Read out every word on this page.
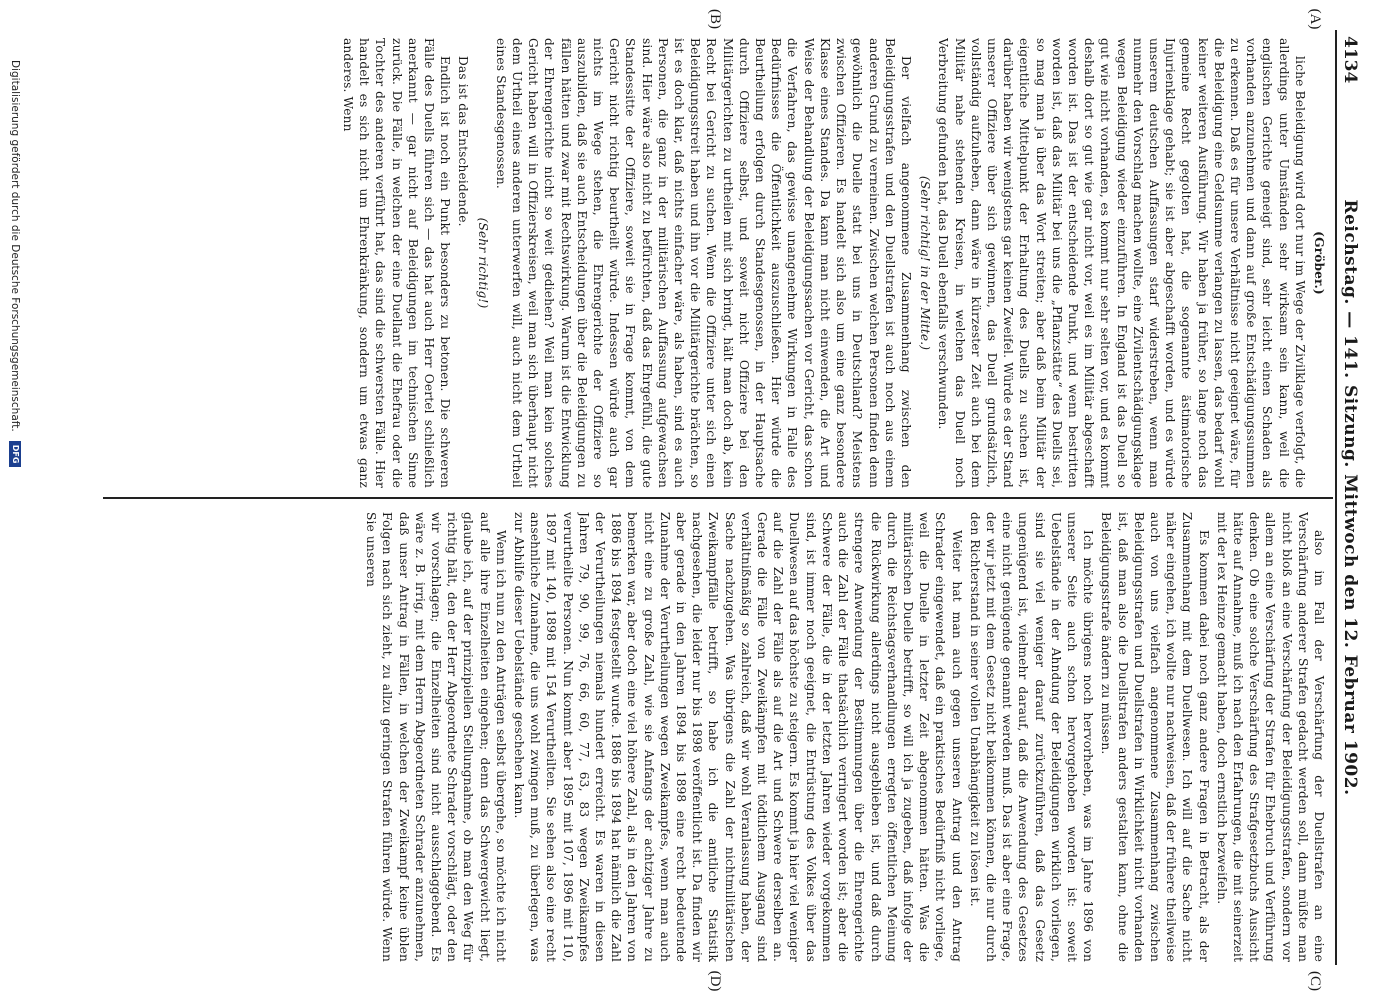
4134
Reichstag. — 141. Sitzung. Mittwoch den 12. Februar 1902.
(A)
(B)
(C)
(D)

(Gröber.)

liche Beleidigung wird dort nur im Wege der Zivilklage verfolgt, die allerdings unter Umständen sehr wirksam sein kann, weil die englischen Gerichte geneigt sind, sehr leicht einen Schaden als vorhanden anzunehmen und dann auf große Entschädigungssummen zu erkennen. Daß es für unsere Verhältnisse nicht geeignet wäre, für die Beleidigung eine Geldsumme verlangen zu lassen, das bedarf wohl keiner weiteren Ausführung. Wir haben ja früher, so lange noch das gemeine Recht gegolten hat, die sogenannte ästimatorische Injurienklage gehabt; sie ist aber abgeschafft worden, und es würde unserem deutschen Auffassungen starf widerstreben, wenn man nunmehr den Vorschlag machen wollte, eine Zivilentschädigungsklage wegen Beleidigung wieder einzuführen. In England ist das Duell so gut wie nicht vorhanden, es kommt nur sehr selten vor, und es kommt deshalb dort so gut wie gar nicht vor, weil es im Militär abgeschafft worden ist. Das ist der entscheidende Punkt, und wenn bestritten worden ist, daß das Militär bei uns die „Pflanzstätte“ des Duells sei, so mag man ja über das Wort streiten; aber daß beim Militär der eigentliche Mittelpunkt der Erhaltung des Duells zu suchen ist, darüber haben wir wenigstens gar keinen Zweifel. Würde es der Stand unserer Offiziere über sich gewinnen, das Duell grundsätzlich, vollständig aufzuheben, dann wäre in kürzester Zeit auch bei dem Militär nahe stehenden Kreisen, in welchen das Duell noch Verbreitung gefunden hat, das Duell ebenfalls verschwunden.

(Sehr richtig! in der Mitte.)

Der vielfach angenommene Zusammenhang zwischen den Beleidigungsstrafen und den Duellstrafen ist auch noch aus einem anderen Grund zu verneinen. Zwischen welchen Personen finden denn gewöhnlich die Duelle statt bei uns in Deutschland? Meistens zwischen Offizieren. Es handelt sich also um eine ganz besondere Klasse eines Standes. Da kann man nicht einwenden, die Art und Weise der Behandlung der Beleidigungssachen vor Gericht, das schon die Verfahren, das gewisse unangenehme Wirkungen in Falle des Bedürfnisses die Öffentlichkeit auszuschließen. Hier würde die Beurtheilung erfolgen durch Standesgenossen, in der Hauptsache durch Offiziere selbst, und soweit nicht Offiziere bei den Militärgerichten zu urtheilen mit sich bringt, hält man doch ab, kein Recht bei Gericht zu suchen. Wenn die Offiziere unter sich einen Beleidigungsstreit haben und ihn vor die Militärgerichte brächten, so ist es doch klar, daß nichts einfacher wäre, als haben, sind es auch Personen, die ganz in der militärischen Auffassung aufgewachsen sind. Hier wäre also nicht zu befürchten, daß das Ehrgefühl, die gute Standessitte der Offiziere, soweit sie in Frage kommt, von dem Gericht nicht richtig beurtheilt würde. Indessen würde auch gar nichts im Wege stehen, die Ehrengerichte der Offiziere so auszubilden, daß sie auch Entscheidungen über die Beleidigungen zu fällen hätten und zwar mit Rechtswirkung. Warum ist die Entwicklung der Ehrengerichte nicht so weit gediehen? Weil man kein solches Gericht haben will in Offizierskreisen, weil man sich überhaupt nicht dem Urtheil eines anderen unterwerfen will, auch nicht dem Urtheil eines Standesgenossen.

(Sehr richtig!)

Das ist das Entscheidende.

Endlich ist noch ein Punkt besonders zu betonen. Die schweren Fälle des Duells führen sich — das hat auch Herr Oertel schließlich anerkannt — gar nicht auf Beleidigungen im technischen Sinne zurück. Die Fälle, in welchen der eine Duellant die Ehefrau oder die Tochter des anderen verführt hat, das sind die schwersten Fälle. Hier handelt es sich nicht um Ehrenkränkung, sondern um etwas ganz anderes. Wenn

also im Fall der Verschärfung der Duellstrafen an eine Verschärfung anderer Strafen gedacht werden soll, dann müßte man nicht bloß an eine Verschärfung der Beleidigungsstrafen, sondern vor allem an eine Verschärfung der Strafen für Ehebruch und Verführung denken. Ob eine solche Verschärfung des Strafgesetzbuchs Aussicht hätte auf Annahme, muß ich nach den Erfahrungen, die mit seinerzeit mit der lex Heinze gemacht haben, doch ernstlich bezweifeln.

Es kommen dabei noch ganz andere Fragen in Betracht, als der Zusammenhang mit dem Duellwesen. Ich will auf die Sache nicht näher eingehen, ich wollte nur nachweisen, daß der frühere theilweise auch von uns vielfach angenommene Zusammenhang zwischen Beleidigungsstrafen und Duellstrafen in Wirklichkeit nicht vorhanden ist, daß man also die Duellstrafen anders gestalten kann, ohne die Beleidigungsstrafe ändern zu müssen.

Ich möchte übrigens noch hervorheben, was im Jahre 1896 von unserer Seite auch schon hervorgehoben worden ist: soweit Uebelstände in der Ahndung der Beleidigungen wirklich vorliegen, sind sie viel weniger darauf zurückzuführen, daß das Gesetz ungenügend ist, vielmehr darauf, daß die Anwendung des Gesetzes eine nicht genügende genannt werden muß. Das ist aber eine Frage, der wir jetzt mit dem Gesetz nicht beikommen können, die nur durch den Richterstand in seiner vollen Unabhängigkeit zu lösen ist.

Weiter hat man auch gegen unseren Antrag und den Antrag Schrader eingewendet, daß ein praktisches Bedürfniß nicht vorliege, weil die Duelle in letzter Zeit abgenommen hätten. Was die militärischen Duelle betrifft, so will ich ja zugeben, daß infolge der durch die Reichstagsverhandlungen erregten öffentlichen Meinung die Rückwirkung allerdings nicht ausgeblieben ist, und daß durch strengere Anwendung der Bestimmungen über die Ehrengerichte auch die Zahl der Fälle thatsächlich verringert worden ist; aber die Schwere der Fälle, die in der letzten Jahren wieder vorgekommen sind, ist immer noch geeignet, die Entrüstung des Volkes über das Duellwesen auf das höchste zu steigern. Es kommt ja hier viel weniger auf die Zahl der Fälle als auf die Art und Schwere derselben an. Gerade die Fälle von Zweikämpfen mit tödtlichem Ausgang sind verhältnißmäßig so zahlreich, daß wir wohl Veranlassung haben, der Sache nachzugehen. Was übrigens die Zahl der nichtmilitärischen Zweikampffälle betrifft, so habe ich die amtliche Statistik nachgesehen, die leider nur bis 1898 veröffentlicht ist. Da finden wir aber gerade in den Jahren 1894 bis 1898 eine recht bedeutende Zunahme der Verurtheilungen wegen Zweikampfes, wenn man auch nicht eine zu große Zahl, wie sie Anfangs der achtziger Jahre zu bemerken war, aber doch eine viel höhere Zahl, als in den Jahren von 1886 bis 1894 festgestellt wurde. 1886 bis 1894 hat nämlich die Zahl der Verurtheilungen niemals hundert erreicht. Es waren in diesen Jahren 79, 90, 99, 76, 66, 60, 77, 63, 83 wegen Zweikampfes verurtheilte Personen. Nun kommt aber 1895 mit 107, 1896 mit 110, 1897 mit 140, 1898 mit 154 Verurtheilten. Sie sehen also eine recht ansehnliche Zunahme, die uns wohl zwingen muß, zu überlegen, was zur Abhilfe dieser Uebelstände geschehen kann.

Wenn ich nun zu den Anträgen selbst übergehe, so möchte ich nicht auf alle ihre Einzelheiten eingehen; denn das Schwergewicht liegt, glaube ich, auf der prinzipiellen Stellungnahme, ob man den Weg für richtig hält, den der Herr Abgeordnete Schrader vorschlägt, oder den wir vorschlagen; die Einzelheiten sind nicht ausschlaggebend. Es wäre z. B. irrig, mit dem Herrn Abgeordneten Schrader anzunehmen, daß unser Antrag in Fällen, in welchen der Zweikampf keine üblen Folgen nach sich zieht, zu allzu geringen Strafen führen würde. Wenn Sie unseren

Digitalisierung gefördert durch die Deutsche Forschungsgemeinschaft. DFG
